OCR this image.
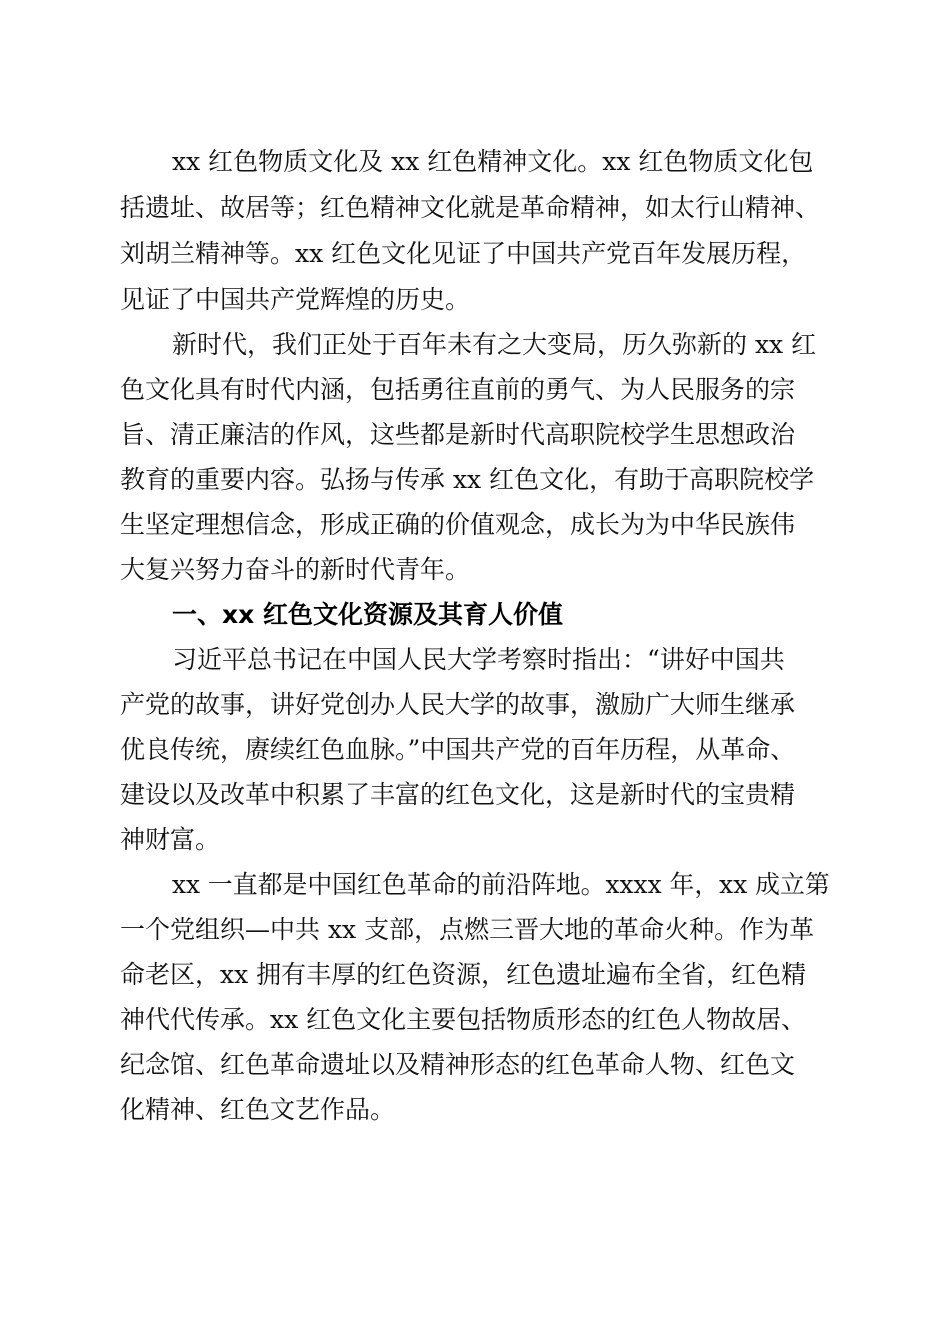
xx 红色物质文化及 xx 红色精神文化。xx 红色物质文化包
括遗址、故居等；红色精神文化就是革命精神，如太行山精神、
刘胡兰精神等。xx 红色文化见证了中国共产党百年发展历程，
见证了中国共产党辉煌的历史。
新时代，我们正处于百年未有之大变局，历久弥新的 xx 红
色文化具有时代内涵，包括勇往直前的勇气、为人民服务的宗
旨、清正廉洁的作风，这些都是新时代高职院校学生思想政治
教育的重要内容。弘扬与传承 xx 红色文化，有助于高职院校学
生坚定理想信念，形成正确的价值观念，成长为为中华民族伟
大复兴努力奋斗的新时代青年。
一、xx 红色文化资源及其育人价值
习近平总书记在中国人民大学考察时指出：“讲好中国共
产党的故事，讲好党创办人民大学的故事，激励广大师生继承
优良传统，赓续红色血脉。”中国共产党的百年历程，从革命、
建设以及改革中积累了丰富的红色文化，这是新时代的宝贵精
神财富。
xx 一直都是中国红色革命的前沿阵地。xxxx 年，xx 成立第
一个党组织—中共 xx 支部，点燃三晋大地的革命火种。作为革
命老区，xx 拥有丰厚的红色资源，红色遗址遍布全省，红色精
神代代传承。xx 红色文化主要包括物质形态的红色人物故居、
纪念馆、红色革命遗址以及精神形态的红色革命人物、红色文
化精神、红色文艺作品。
